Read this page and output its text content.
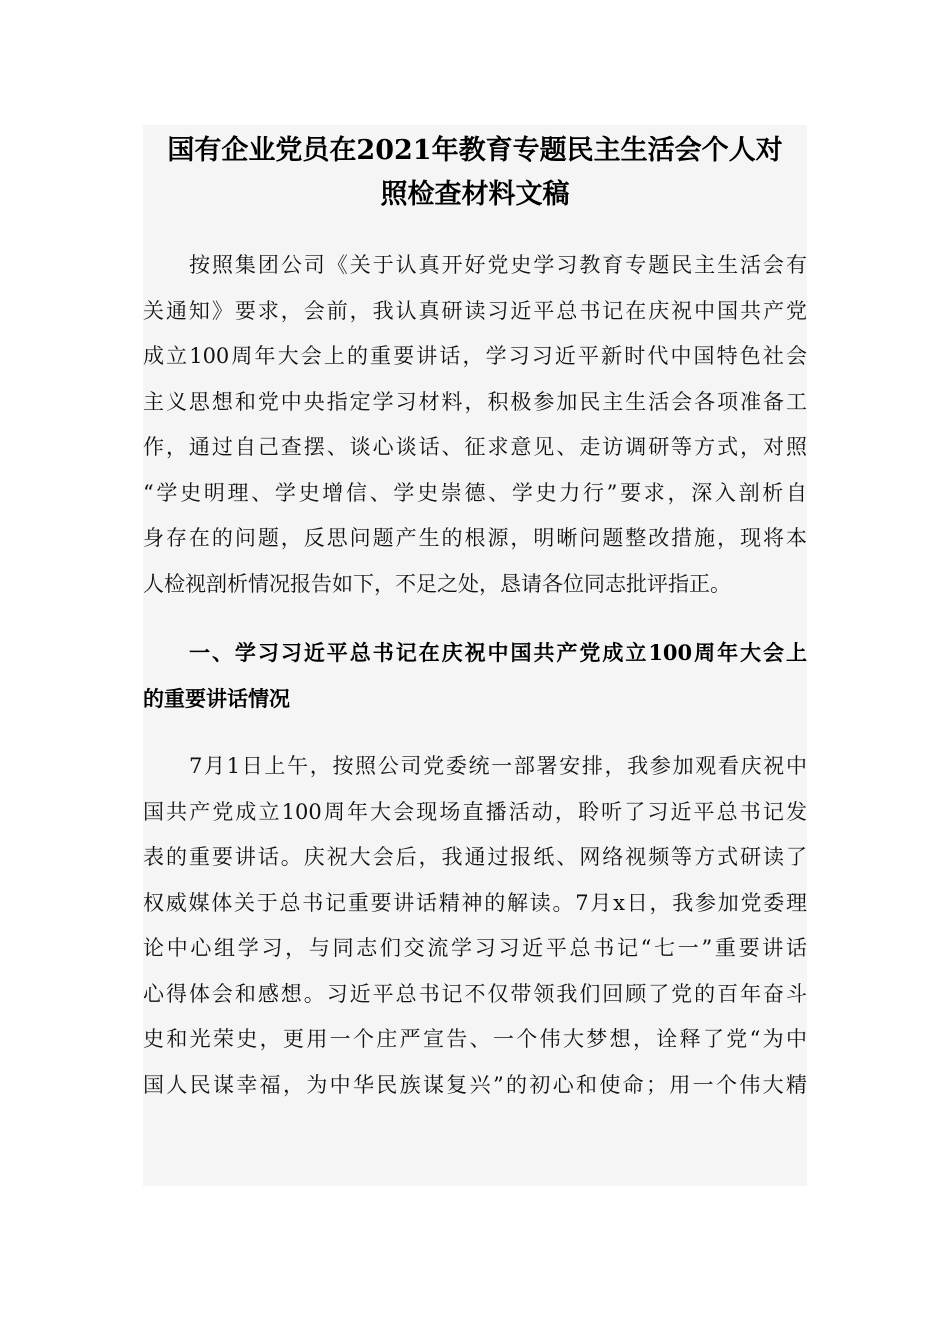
国有企业党员在2021年教育专题民主生活会个人对
照检查材料文稿

按照集团公司《关于认真开好党史学习教育专题民主生活会有
关通知》要求，会前，我认真研读习近平总书记在庆祝中国共产党
成立100周年大会上的重要讲话，学习习近平新时代中国特色社会
主义思想和党中央指定学习材料，积极参加民主生活会各项准备工
作，通过自己查摆、谈心谈话、征求意见、走访调研等方式，对照
“学史明理、学史增信、学史崇德、学史力行”要求，深入剖析自
身存在的问题，反思问题产生的根源，明晰问题整改措施，现将本
人检视剖析情况报告如下，不足之处，恳请各位同志批评指正。

一、学习习近平总书记在庆祝中国共产党成立100周年大会上
的重要讲话情况

7月1日上午，按照公司党委统一部署安排，我参加观看庆祝中
国共产党成立100周年大会现场直播活动，聆听了习近平总书记发
表的重要讲话。庆祝大会后，我通过报纸、网络视频等方式研读了
权威媒体关于总书记重要讲话精神的解读。7月x日，我参加党委理
论中心组学习，与同志们交流学习习近平总书记“七一”重要讲话
心得体会和感想。习近平总书记不仅带领我们回顾了党的百年奋斗
史和光荣史，更用一个庄严宣告、一个伟大梦想，诠释了党“为中
国人民谋幸福，为中华民族谋复兴”的初心和使命；用一个伟大精
